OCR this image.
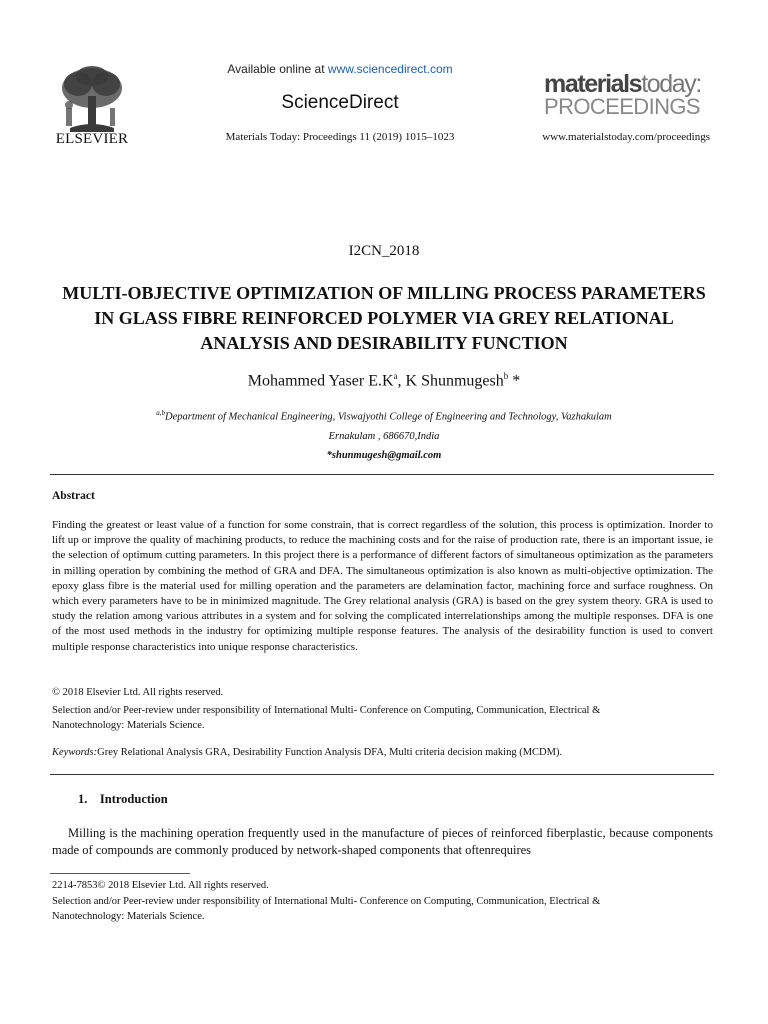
ELSEVIER
Available online at www.sciencedirect.com
ScienceDirect
Materials Today: Proceedings 11 (2019) 1015–1023
materialstoday:
PROCEEDINGS
www.materialstoday.com/proceedings
I2CN_2018
MULTI-OBJECTIVE OPTIMIZATION OF MILLING PROCESS PARAMETERS IN GLASS FIBRE REINFORCED POLYMER VIA GREY RELATIONAL ANALYSIS AND DESIRABILITY FUNCTION
Mohammed Yaser $E.K^a$, K Shunmugesh$^b$ *
$^{a,b}$Department of Mechanical Engineering, Viswajyothi College of Engineering and Technology, Vazhakulam
Ernakulam , 686670,India
*shunmugesh@gmail.com
Abstract
Finding the greatest or least value of a function for some constrain, that is correct regardless of the solution, this process is optimization. Inorder to lift up or improve the quality of machining products, to reduce the machining costs and for the raise of production rate, there is an important issue, ie the selection of optimum cutting parameters. In this project there is a performance of different factors of simultaneous optimization as the parameters in milling operation by combining the method of GRA and DFA. The simultaneous optimization is also known as multi-objective optimization. The epoxy glass fibre is the material used for milling operation and the parameters are delamination factor, machining force and surface roughness. On which every parameters have to be in minimized magnitude. The Grey relational analysis (GRA) is based on the grey system theory. GRA is used to study the relation among various attributes in a system and for solving the complicated interrelationships among the multiple responses. DFA is one of the most used methods in the industry for optimizing multiple response features. The analysis of the desirability function is used to convert multiple response characteristics into unique response characteristics.
© 2018 Elsevier Ltd. All rights reserved.
Selection and/or Peer-review under responsibility of International Multi- Conference on Computing, Communication, Electrical & Nanotechnology: Materials Science.
Keywords:Grey Relational Analysis GRA, Desirability Function Analysis DFA, Multi criteria decision making (MCDM).
1.    Introduction
Milling is the machining operation frequently used in the manufacture of pieces of reinforced fiberplastic, because components made of compounds are commonly produced by network-shaped components that oftenrequires
2214-7853© 2018 Elsevier Ltd. All rights reserved.
Selection and/or Peer-review under responsibility of International Multi- Conference on Computing, Communication, Electrical & Nanotechnology: Materials Science.
